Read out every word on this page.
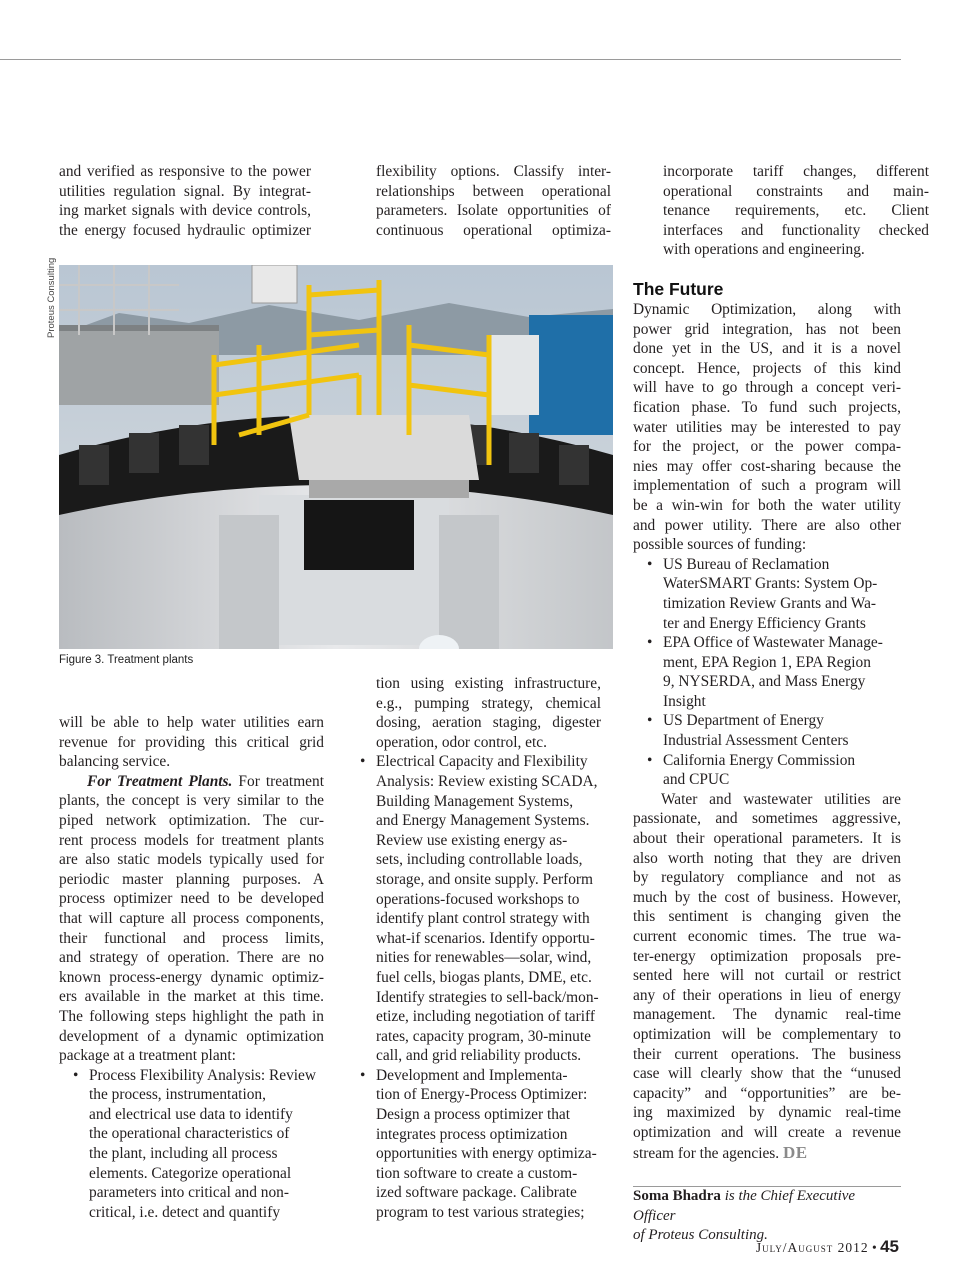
and verified as responsive to the power
utilities regulation signal. By integrat-
ing market signals with device controls,
the energy focused hydraulic optimizer
flexibility options. Classify inter-
relationships between operational
parameters. Isolate opportunities of
continuous operational optimiza-
Proteus Consulting
Figure 3. Treatment plants

will be able to help water utilities earn
revenue for providing this critical grid
balancing service.

For Treatment Plants. For treatment
plants, the concept is very similar to the
piped network optimization. The cur-
rent process models for treatment plants
are also static models typically used for
periodic master planning purposes. A
process optimizer need to be developed
that will capture all process components,
their functional and process limits,
and strategy of operation. There are no
known process-energy dynamic optimiz-
ers available in the market at this time.
The following steps highlight the path in
development of a dynamic optimization
package at a treatment plant:

• Process Flexibility Analysis: Review
the process, instrumentation,
and electrical use data to identify
the operational characteristics of
the plant, including all process
elements. Categorize operational
parameters into critical and non-
critical, i.e. detect and quantify
tion using existing infrastructure,
e.g., pumping strategy, chemical
dosing, aeration staging, digester
operation, odor control, etc.
• Electrical Capacity and Flexibility
Analysis: Review existing SCADA,
Building Management Systems,
and Energy Management Systems.
Review use existing energy as-
sets, including controllable loads,
storage, and onsite supply. Perform
operations-focused workshops to
identify plant control strategy with
what-if scenarios. Identify opportu-
nities for renewables—solar, wind,
fuel cells, biogas plants, DME, etc.
Identify strategies to sell-back/mon-
etize, including negotiation of tariff
rates, capacity program, 30-minute
call, and grid reliability products.
• Development and Implementa-
tion of Energy-Process Optimizer:
Design a process optimizer that
integrates process optimization
opportunities with energy optimiza-
tion software to create a custom-
ized software package. Calibrate
program to test various strategies;
incorporate tariff changes, different
operational constraints and main-
tenance requirements, etc. Client
interfaces and functionality checked
with operations and engineering.
The Future

Dynamic Optimization, along with
power grid integration, has not been
done yet in the US, and it is a novel
concept. Hence, projects of this kind
will have to go through a concept veri-
fication phase. To fund such projects,
water utilities may be interested to pay
for the project, or the power compa-
nies may offer cost-sharing because the
implementation of such a program will
be a win-win for both the water utility
and power utility. There are also other
possible sources of funding:

• US Bureau of Reclamation
WaterSMART Grants: System Op-
timization Review Grants and Wa-
ter and Energy Efficiency Grants
• EPA Office of Wastewater Manage-
ment, EPA Region 1, EPA Region
9, NYSERDA, and Mass Energy
Insight
• US Department of Energy
Industrial Assessment Centers
• California Energy Commission
and CPUC

Water and wastewater utilities are
passionate, and sometimes aggressive,
about their operational parameters. It is
also worth noting that they are driven
by regulatory compliance and not as
much by the cost of business. However,
this sentiment is changing given the
current economic times. The true wa-
ter-energy optimization proposals pre-
sented here will not curtail or restrict
any of their operations in lieu of energy
management. The dynamic real-time
optimization will be complementary to
their current operations. The business
case will clearly show that the “unused
capacity” and “opportunities” are be-
ing maximized by dynamic real-time
optimization and will create a revenue
stream for the agencies. DE

Soma Bhadra is the Chief Executive Officer
of Proteus Consulting.
July/August 2012 • 45
